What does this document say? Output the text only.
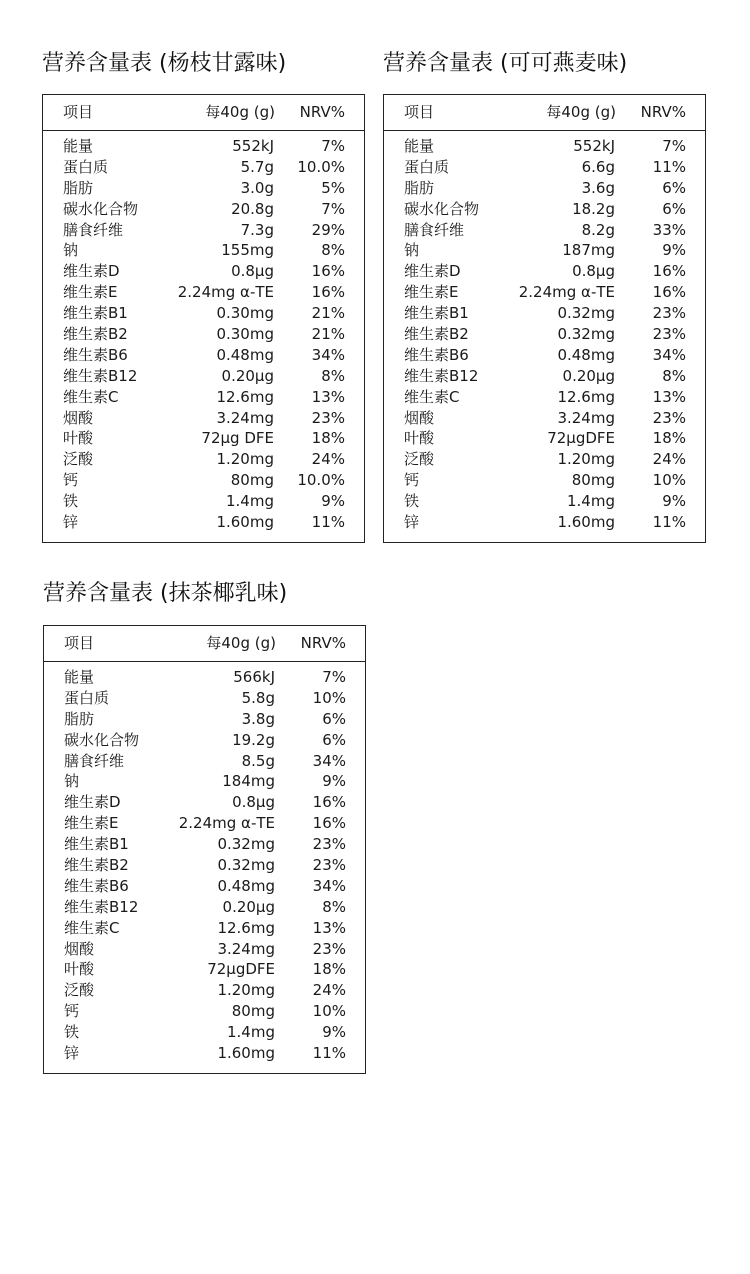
营养含量表 (杨枝甘露味)
项目	每40g (g) NRV%
能量	552kJ	7%
蛋白质	5.7g 10.0%
脂肪	3.0g	5%
碳水化合物	20.8g	7%
膳食纤维	7.3g	29%
钠	155mg	8%
维生素D	0.8μg	16%
维生素E	2.24mg α-TE	16%
维生素B1	0.30mg	21%
维生素B2	0.30mg	21%
维生素B6	0.48mg	34%
维生素B12	0.20μg	8%
维生素C	12.6mg	13%
烟酸	3.24mg	23%
叶酸	72μg DFE	18%
泛酸	1.20mg	24%
钙	80mg 10.0%
铁	1.4mg	9%
锌	1.60mg	11%
营养含量表 (可可燕麦味)
项目	每40g (g) NRV%
能量	552kJ	7%
蛋白质	6.6g	11%
脂肪	3.6g	6%
碳水化合物	18.2g	6%
膳食纤维	8.2g	33%
钠	187mg	9%
维生素D	0.8μg	16%
维生素E	2.24mg α-TE	16%
维生素B1	0.32mg	23%
维生素B2	0.32mg	23%
维生素B6	0.48mg	34%
维生素B12	0.20μg	8%
维生素C	12.6mg	13%
烟酸	3.24mg	23%
叶酸	72μgDFE	18%
泛酸	1.20mg	24%
钙	80mg	10%
铁	1.4mg	9%
锌	1.60mg	11%
营养含量表 (抹茶椰乳味)
项目	每40g (g) NRV%
能量	566kJ	7%
蛋白质	5.8g	10%
脂肪	3.8g	6%
碳水化合物	19.2g	6%
膳食纤维	8.5g	34%
钠	184mg	9%
维生素D	0.8μg	16%
维生素E	2.24mg α-TE	16%
维生素B1	0.32mg	23%
维生素B2	0.32mg	23%
维生素B6	0.48mg	34%
维生素B12	0.20μg	8%
维生素C	12.6mg	13%
烟酸	3.24mg	23%
叶酸	72μgDFE	18%
泛酸	1.20mg	24%
钙	80mg	10%
铁	1.4mg	9%
锌	1.60mg	11%
